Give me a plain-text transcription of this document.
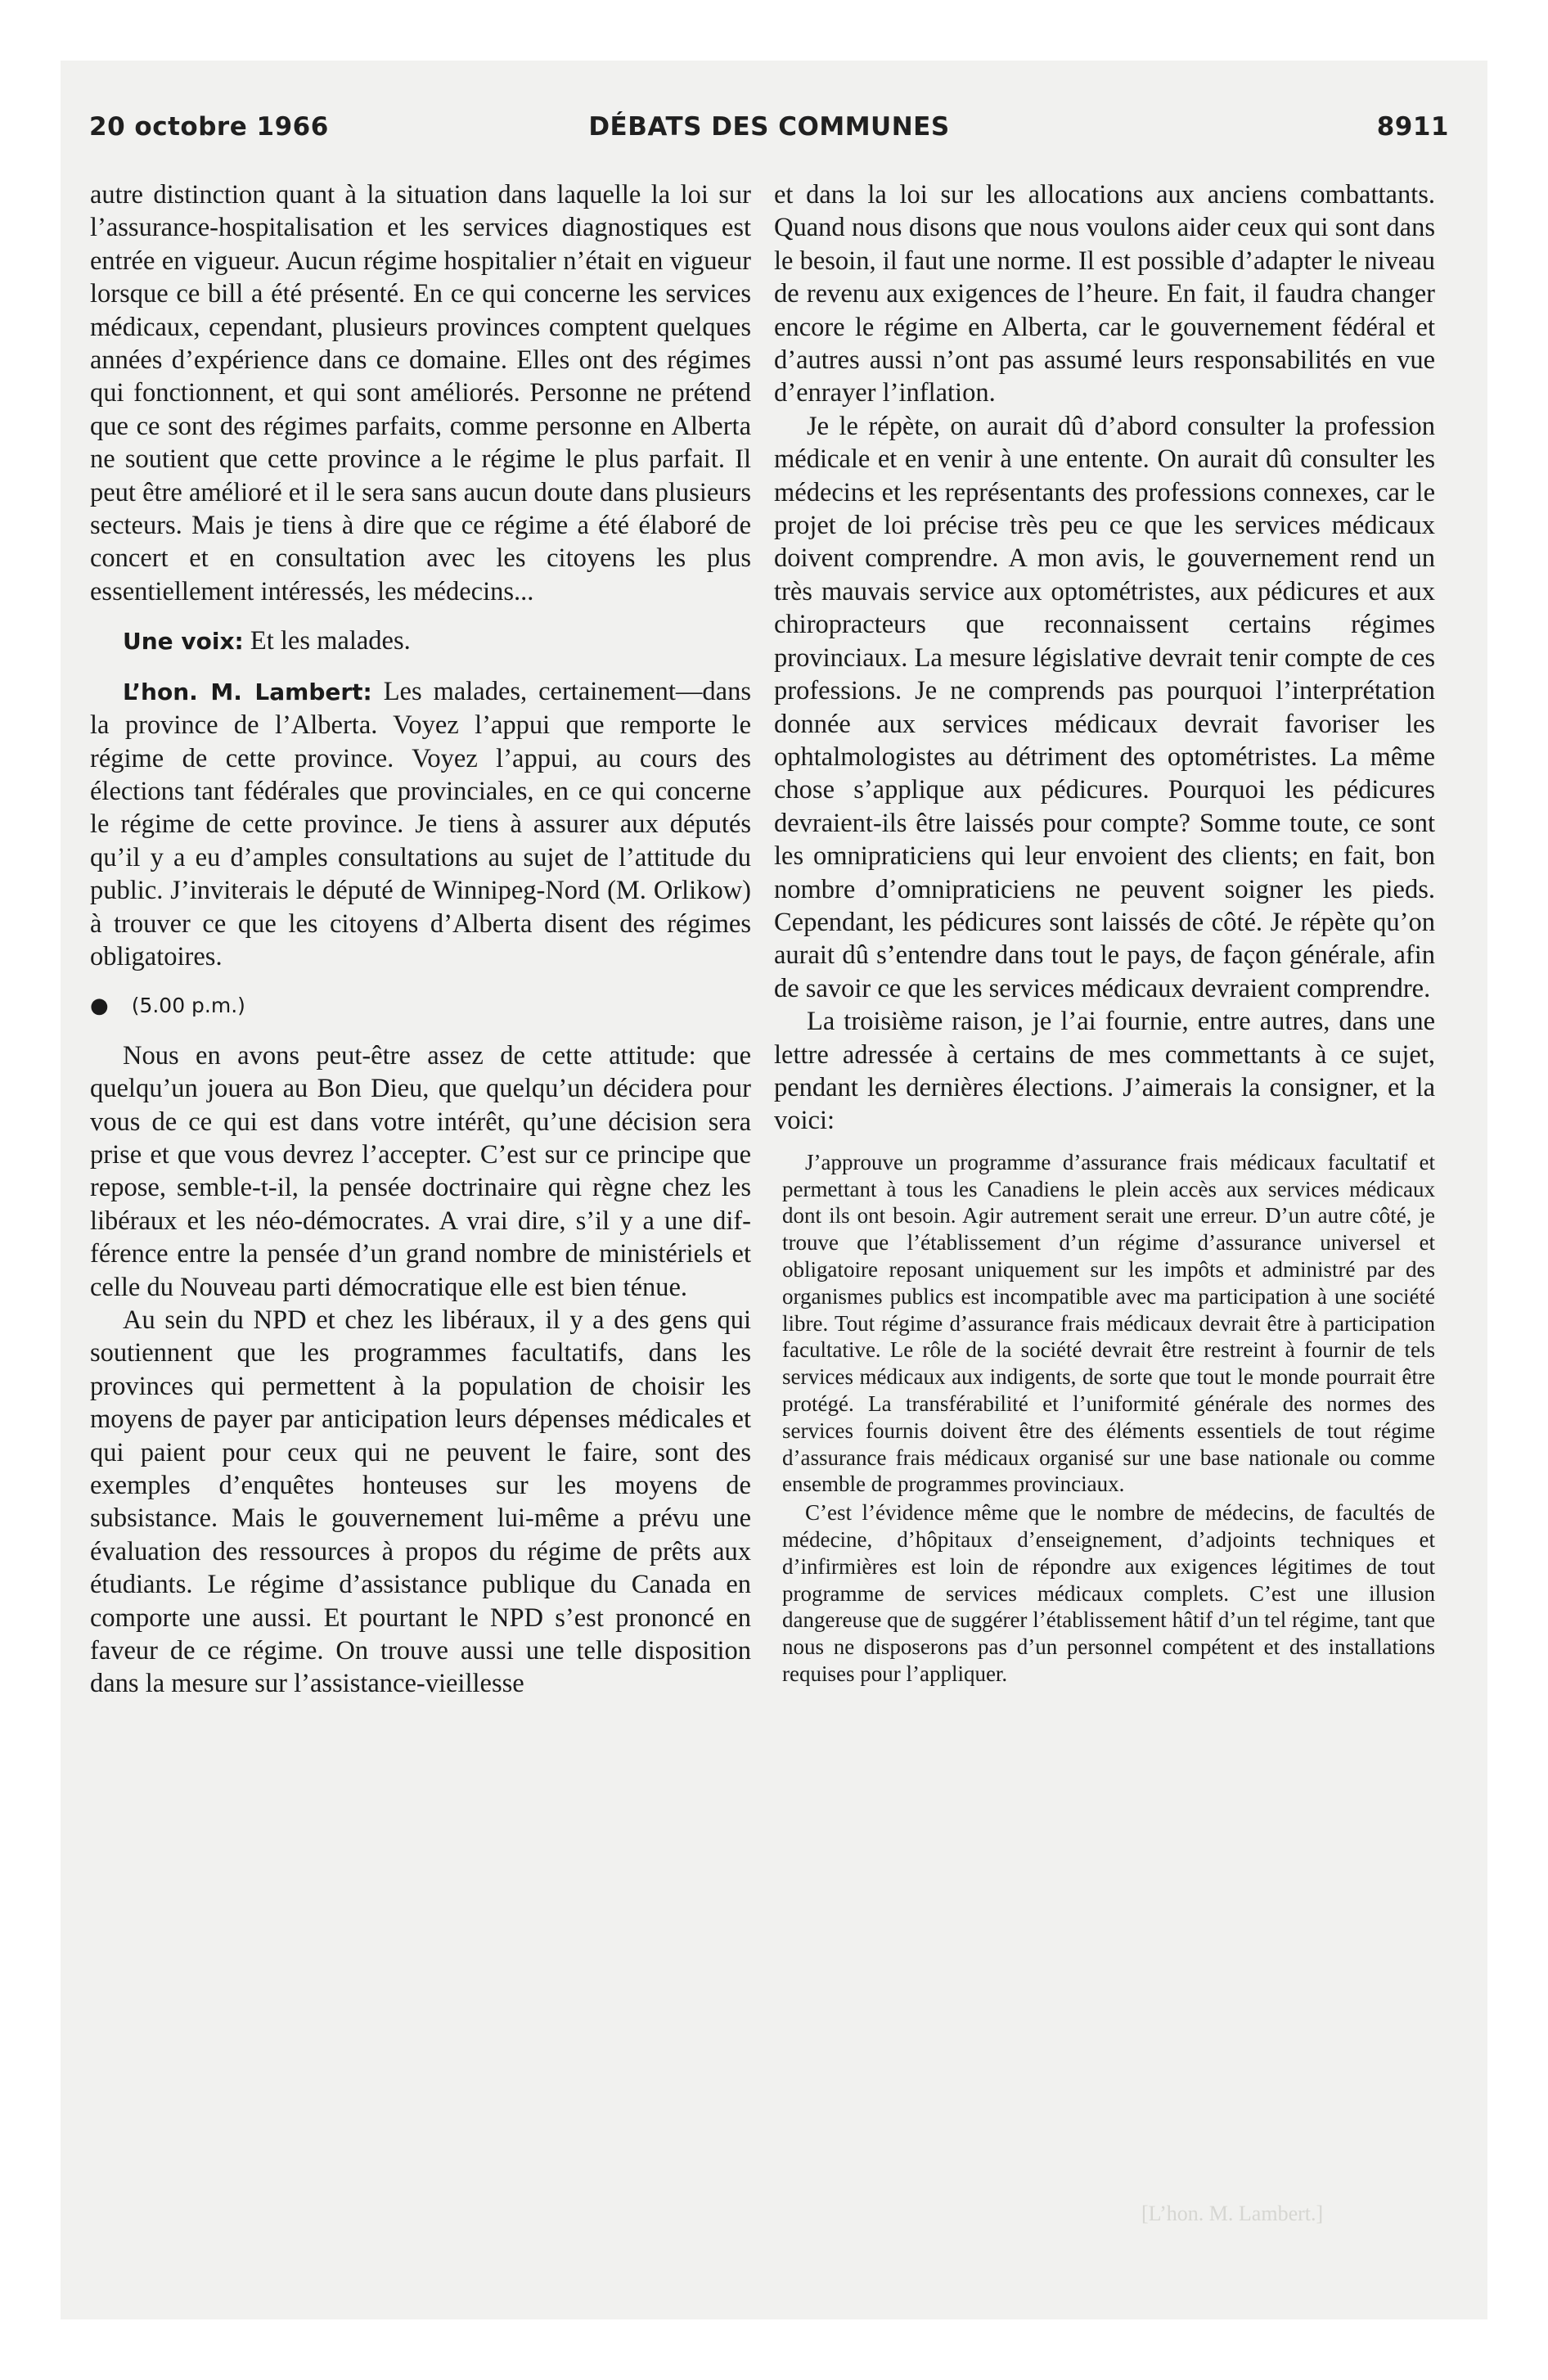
20 octobre 1966	DÉBATS DES COMMUNES	8911

autre distinction quant à la situation dans laquelle la loi sur l’assurance-hospitalisation et les services diagnostiques est entrée en vigueur. Aucun régime hospitalier n’était en vigueur lorsque ce bill a été présenté. En ce qui concerne les services médicaux, cependant, plusieurs provinces comptent quelques années d’expérience dans ce domaine. Elles ont des régimes qui fonctionnent, et qui sont améliorés. Personne ne prétend que ce sont des régimes parfaits, comme personne en Alberta ne soutient que cette province a le régime le plus parfait. Il peut être amélioré et il le sera sans aucun doute dans plusieurs secteurs. Mais je tiens à dire que ce régime a été élaboré de concert et en consultation avec les citoyens les plus essentiellement intéressés, les médecins...

Une voix: Et les malades.

L’hon. M. Lambert: Les malades, certainement—dans la province de l’Alberta. Voyez l’appui que remporte le régime de cette province. Voyez l’appui, au cours des élections tant fédérales que provinciales, en ce qui concerne le régime de cette province. Je tiens à assurer aux députés qu’il y a eu d’amples consultations au sujet de l’attitude du public. J’inviterais le député de Winnipeg-Nord (M. Orlikow) à trouver ce que les citoyens d’Alberta disent des régimes obligatoires.

● (5.00 p.m.)

Nous en avons peut-être assez de cette attitude: que quelqu’un jouera au Bon Dieu, que quelqu’un décidera pour vous de ce qui est dans votre intérêt, qu’une décision sera prise et que vous devrez l’accepter. C’est sur ce principe que repose, semble-t-il, la pensée doctrinaire qui règne chez les libéraux et les néo-démocrates. A vrai dire, s’il y a une différence entre la pensée d’un grand nombre de ministériels et celle du Nouveau parti démocratique elle est bien ténue.

Au sein du NPD et chez les libéraux, il y a des gens qui soutiennent que les programmes facultatifs, dans les provinces qui permettent à la population de choisir les moyens de payer par anticipation leurs dépenses médicales et qui paient pour ceux qui ne peuvent le faire, sont des exemples d’enquêtes honteuses sur les moyens de subsistance. Mais le gouvernement lui-même a prévu une évaluation des ressources à propos du régime de prêts aux étudiants. Le régime d’assistance publique du Canada en comporte une aussi. Et pourtant le NPD s’est prononcé en faveur de ce régime. On trouve aussi une telle disposition dans la mesure sur l’assistance-vieillesse

et dans la loi sur les allocations aux anciens combattants. Quand nous disons que nous voulons aider ceux qui sont dans le besoin, il faut une norme. Il est possible d’adapter le niveau de revenu aux exigences de l’heure. En fait, il faudra changer encore le régime en Alberta, car le gouvernement fédéral et d’autres aussi n’ont pas assumé leurs responsabilités en vue d’enrayer l’inflation.

Je le répète, on aurait dû d’abord consulter la profession médicale et en venir à une entente. On aurait dû consulter les médecins et les représentants des professions connexes, car le projet de loi précise très peu ce que les services médicaux doivent comprendre. A mon avis, le gouvernement rend un très mauvais service aux optométristes, aux pédicures et aux chiropracteurs que reconnaissent certains régimes provinciaux. La mesure législative devrait tenir compte de ces professions. Je ne comprends pas pourquoi l’interprétation donnée aux services médicaux devrait favoriser les ophtalmologistes au détriment des optométristes. La même chose s’applique aux pédicures. Pourquoi les pédicures devraient-ils être laissés pour compte? Somme toute, ce sont les omnipraticiens qui leur envoient des clients; en fait, bon nombre d’omnipraticiens ne peuvent soigner les pieds. Cependant, les pédicures sont laissés de côté. Je répète qu’on aurait dû s’entendre dans tout le pays, de façon générale, afin de savoir ce que les services médicaux devraient comprendre.

La troisième raison, je l’ai fournie, entre autres, dans une lettre adressée à certains de mes commettants à ce sujet, pendant les dernières élections. J’aimerais la consigner, et la voici:

J’approuve un programme d’assurance frais médicaux facultatif et permettant à tous les Canadiens le plein accès aux services médicaux dont ils ont besoin. Agir autrement serait une erreur. D’un autre côté, je trouve que l’établissement d’un régime d’assurance universel et obligatoire reposant uniquement sur les impôts et administré par des organismes publics est incompatible avec ma participation à une société libre. Tout régime d’assurance frais médicaux devrait être à participation facultative. Le rôle de la société devrait être restreint à fournir de tels services médicaux aux indigents, de sorte que tout le monde pourrait être protégé. La transférabilité et l’uniformité générale des normes des services fournis doivent être des éléments essentiels de tout régime d’assurance frais médicaux organisé sur une base nationale ou comme ensemble de programmes provinciaux.

C’est l’évidence même que le nombre de médecins, de facultés de médecine, d’hôpitaux d’enseignement, d’adjoints techniques et d’infirmières est loin de répondre aux exigences légitimes de tout programme de services médicaux complets. C’est une illusion dangereuse que de suggérer l’établissement hâtif d’un tel régime, tant que nous ne disposerons pas d’un personnel compétent et des installations requises pour l’appliquer.

[L’hon. M. Lambert.]
